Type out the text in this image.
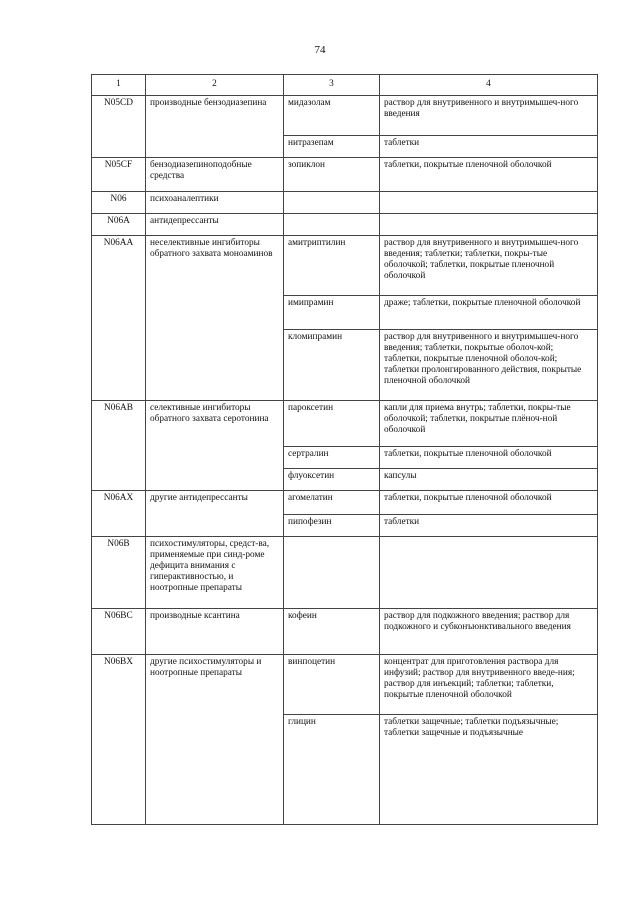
74
1	2	3	4
N05CD	производные бензодиазепина	мидазолам	раствор для внутривенного и внутримышеч-ного введения
		нитразепам	таблетки
N05CF	бензодиазепиноподобные средства	зопиклон	таблетки, покрытые пленочной оболочкой
N06	психоаналептики		
N06A	антидепрессанты		
N06AA	неселективные ингибиторы обратного захвата моноаминов	амитриптилин	раствор для внутривенного и внутримышеч-ного введения; таблетки; таблетки, покры-тые оболочкой; таблетки, покрытые пленочной оболочкой
		имипрамин	драже; таблетки, покрытые пленочной оболочкой
		кломипрамин	раствор для внутривенного и внутримышеч-ного введения; таблетки, покрытые оболоч-кой; таблетки, покрытые пленочной оболоч-кой; таблетки пролонгированного действия, покрытые пленочной оболочкой
N06AB	селективные ингибиторы обратного захвата серотонина	пароксетин	капли для приема внутрь; таблетки, покры-тые оболочкой; таблетки, покрытые плёноч-ной оболочкой
		сертралин	таблетки, покрытые пленочной оболочкой
		флуоксетин	капсулы
N06AX	другие антидепрессанты	агомелатин	таблетки, покрытые пленочной оболочкой
		пипофезин	таблетки
N06B	психостимуляторы, средст-ва, применяемые при синд-роме дефицита внимания с гиперактивностью, и ноотропные препараты		
N06BC	производные ксантина	кофеин	раствор для подкожного введения; раствор для подкожного и субконъюнктивального введения
N06BX	другие психостимуляторы и ноотропные препараты	винпоцетин	концентрат для приготовления раствора для инфузий; раствор для внутривенного введе-ния; раствор для инъекций; таблетки; таблетки, покрытые пленочной оболочкой
		глицин	таблетки защечные; таблетки подъязычные; таблетки защечные и подъязычные
